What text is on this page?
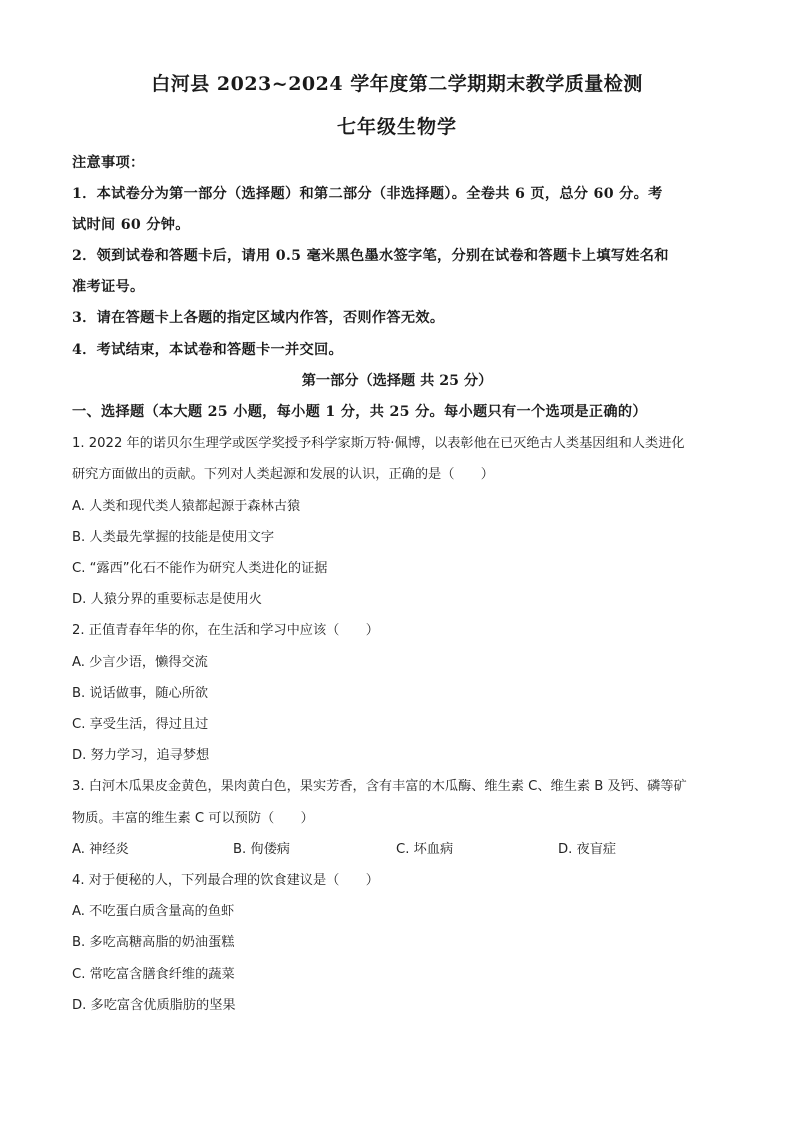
白河县 2023~2024 学年度第二学期期末教学质量检测
七年级生物学
注意事项：
1．本试卷分为第一部分（选择题）和第二部分（非选择题）。全卷共 6 页，总分 60 分。考
试时间 60 分钟。
2．领到试卷和答题卡后，请用 0.5 毫米黑色墨水签字笔，分别在试卷和答题卡上填写姓名和
准考证号。
3．请在答题卡上各题的指定区域内作答，否则作答无效。
4．考试结束，本试卷和答题卡一并交回。
第一部分（选择题 共 25 分）
一、选择题（本大题 25 小题，每小题 1 分，共 25 分。每小题只有一个选项是正确的）
1. 2022 年的诺贝尔生理学或医学奖授予科学家斯万特·佩博，以表彰他在已灭绝古人类基因组和人类进化
研究方面做出的贡献。下列对人类起源和发展的认识，正确的是（　　）
A. 人类和现代类人猿都起源于森林古猿
B. 人类最先掌握的技能是使用文字
C. “露西”化石不能作为研究人类进化的证据
D. 人猿分界的重要标志是使用火
2. 正值青春年华的你，在生活和学习中应该（　　）
A. 少言少语，懒得交流
B. 说话做事，随心所欲
C. 享受生活，得过且过
D. 努力学习，追寻梦想
3. 白河木瓜果皮金黄色，果肉黄白色，果实芳香，含有丰富的木瓜酶、维生素 C、维生素 B 及钙、磷等矿
物质。丰富的维生素 C 可以预防（　　）
A. 神经炎	B. 佝偻病	C. 坏血病	D. 夜盲症
4. 对于便秘的人，下列最合理的饮食建议是（　　）
A. 不吃蛋白质含量高的鱼虾
B. 多吃高糖高脂的奶油蛋糕
C. 常吃富含膳食纤维的蔬菜
D. 多吃富含优质脂肪的坚果
